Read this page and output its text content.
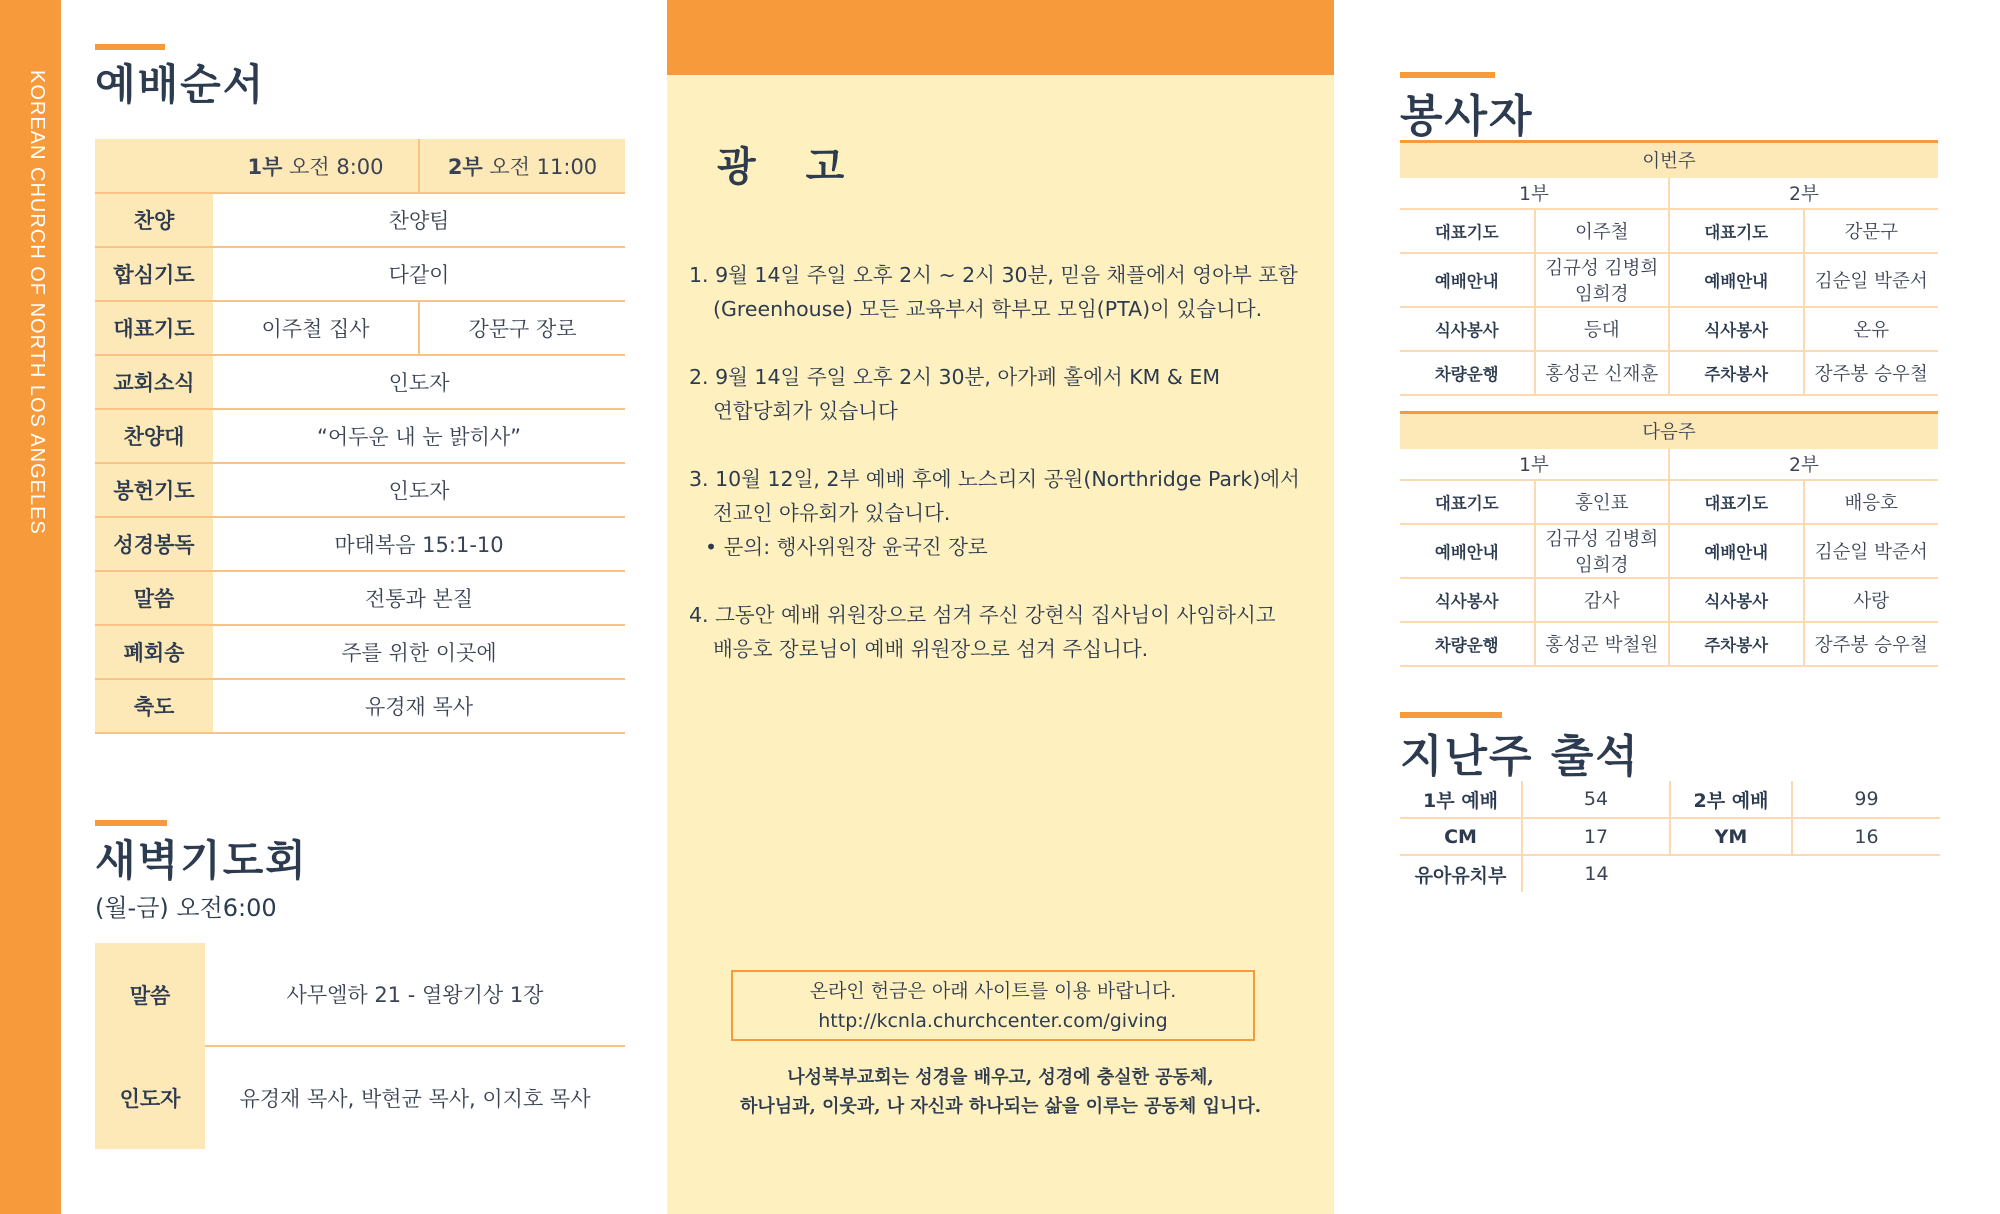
KOREAN CHURCH OF NORTH LOS ANGELES 예배순서
	1부 오전 8:00	2부 오전 11:00
찬양	찬양팀	
합심기도	다같이	
대표기도	이주철 집사	강문구 장로
교회소식	인도자	
찬양대	“어두운 내 눈 밝히사”	
봉헌기도	인도자	
성경봉독	마태복음 15:1-10	
말씀	전통과 본질	
폐회송	주를 위한 이곳에	
축도	유경재 목사	
새벽기도회
(월-금) 오전6:00
말씀	사무엘하 21 - 열왕기상 1장
인도자	유경재 목사, 박현균 목사, 이지호 목사
광 고
1. 9월 14일 주일 오후 2시 ~ 2시 30분, 믿음 채플에서 영아부 포함
(Greenhouse) 모든 교육부서 학부모 모임(PTA)이 있습니다.
2. 9월 14일 주일 오후 2시 30분, 아가페 홀에서 KM & EM
연합당회가 있습니다
3. 10월 12일, 2부 예배 후에 노스리지 공원(Northridge Park)에서
전교인 야유회가 있습니다.
• 문의: 행사위원장 윤국진 장로
4. 그동안 예배 위원장으로 섬겨 주신 강현식 집사님이 사임하시고
배응호 장로님이 예배 위원장으로 섬겨 주십니다.
온라인 헌금은 아래 사이트를 이용 바랍니다.
http://kcnla.churchcenter.com/giving
나성북부교회는 성경을 배우고, 성경에 충실한 공동체,
하나님과, 이웃과, 나 자신과 하나되는 삶을 이루는 공동체 입니다.
봉사자
이번주			
1부		2부	
대표기도	이주철	대표기도	강문구
예배안내	김규성 김병희 임희경	예배안내	김순일 박준서
식사봉사	등대	식사봉사	온유
차량운행	홍성곤 신재훈	주차봉사	장주봉 승우철
다음주			
1부		2부	
대표기도	홍인표	대표기도	배응호
예배안내	김규성 김병희 임희경	예배안내	김순일 박준서
식사봉사	감사	식사봉사	사랑
차량운행	홍성곤 박철원	주차봉사	장주봉 승우철
지난주 출석
1부 예배	54	2부 예배	99
CM	17	YM	16
유아유치부	14		
